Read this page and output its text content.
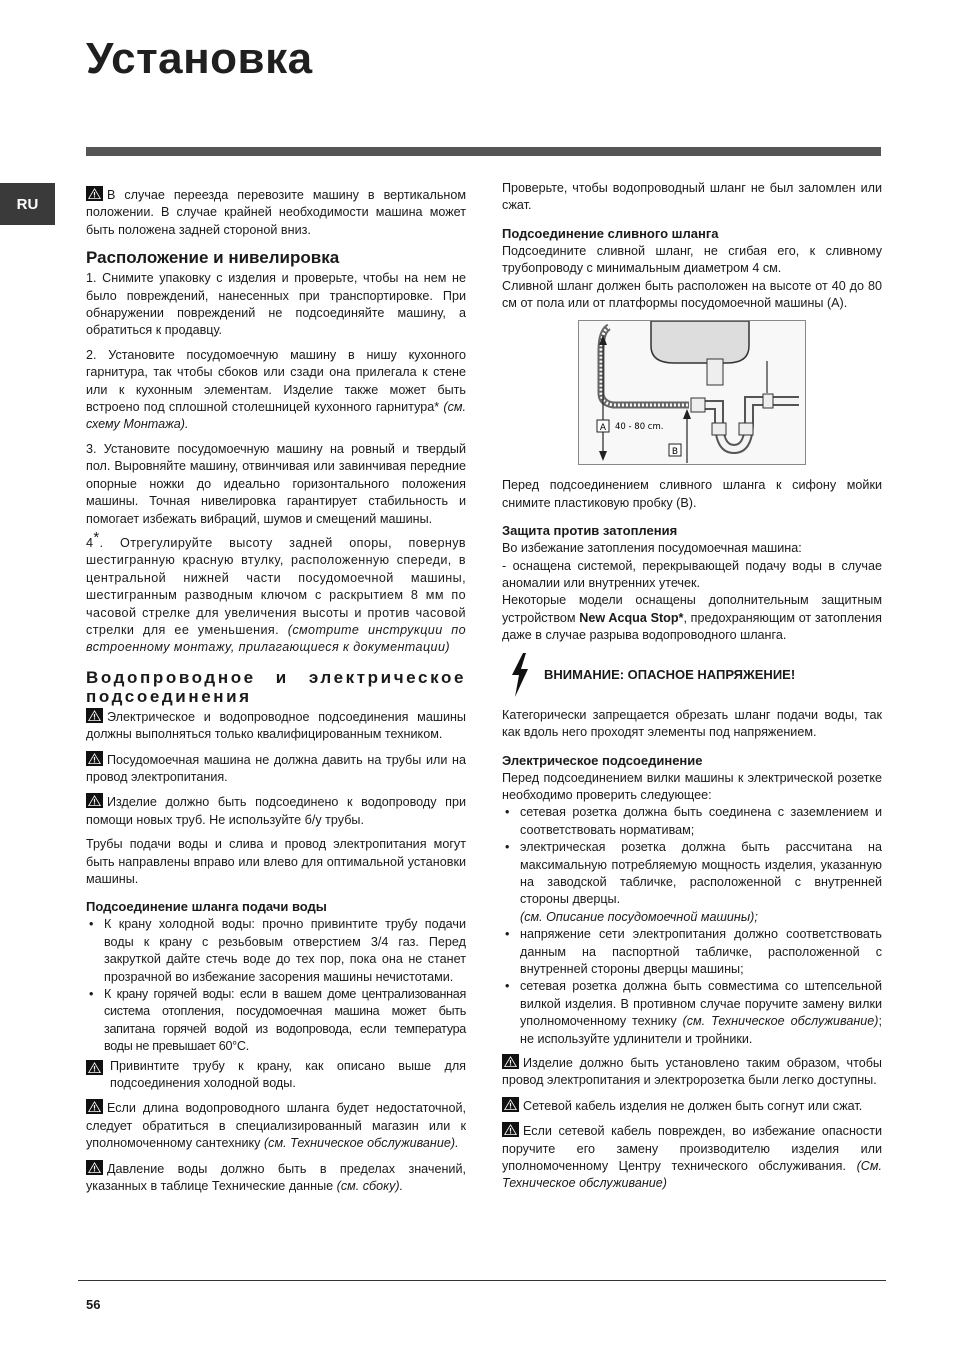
Установка
RU

В случае переезда перевозите машину в вертикальном положении. В случае крайней необходимости машина может быть положена задней стороной вниз.

Расположение и нивелировка

1. Снимите упаковку с изделия и проверьте, чтобы на нем не было повреждений, нанесенных при транспортировке. При обнаружении повреждений не подсоединяйте машину, а обратиться к продавцу.

2. Установите посудомоечную машину в нишу кухонного гарнитура, так чтобы сбоков или сзади она прилегала к стене или к кухонным элементам. Изделие также может быть встроено под сплошной столешницей кухонного гарнитура* (см. схему Монтажа).

3. Установите посудомоечную машину на ровный и твердый пол. Выровняйте машину, отвинчивая или завинчивая передние опорные ножки до идеально горизонтального положения машины. Точная нивелировка гарантирует стабильность и помогает избежать вибраций, шумов и смещений машины.

4*. Отрегулируйте высоту задней опоры, повернув шестигранную красную втулку, расположенную спереди, в центральной нижней части посудомоечной машины, шестигранным разводным ключом с раскрытием 8 мм по часовой стрелке для увеличения высоты и против часовой стрелки для ее уменьшения. (смотрите инструкции по встроенному монтажу, прилагающиеся к документации)

Водопроводное и электрическое подсоединения

Электрическое и водопроводное подсоединения машины должны выполняться только квалифицированным техником.

Посудомоечная машина не должна давить на трубы или на провод электропитания.

Изделие должно быть подсоединено к водопроводу при помощи новых труб. Не используйте б/у трубы.

Трубы подачи воды и слива и провод электропитания могут быть направлены вправо или влево для оптимальной установки машины.

Подсоединение шланга подачи воды
• К крану холодной воды: прочно привинтите трубу подачи воды к крану с резьбовым отверстием 3/4 газ. Перед закруткой дайте стечь воде до тех пор, пока она не станет прозрачной во избежание засорения машины нечистотами.
• К крану горячей воды: если в вашем доме централизованная система отопления, посудомоечная машина может быть запитана горячей водой из водопровода, если температура воды не превышает 60°C.

Привинтите трубу к крану, как описано выше для подсоединения холодной воды.

Если длина водопроводного шланга будет недостаточной, следует обратиться в специализированный магазин или к уполномоченному сантехнику (см. Техническое обслуживание).

Давление воды должно быть в пределах значений, указанных в таблице Технические данные (см. сбоку).

Проверьте, чтобы водопроводный шланг не был заломлен или сжат.

Подсоединение сливного шланга

Подсоедините сливной шланг, не сгибая его, к сливному трубопроводу с минимальным диаметром 4 см.

Сливной шланг должен быть расположен на высоте от 40 до 80 см от пола или от платформы посудомоечной машины (A).

A 40 - 80 cm.
B

Перед подсоединением сливного шланга к сифону мойки снимите пластиковую пробку (B).

Защита против затопления

Во избежание затопления посудомоечная машина:

- оснащена системой, перекрывающей подачу воды в случае аномалии или внутренних утечек.

Некоторые модели оснащены дополнительным защитным устройством New Acqua Stop*, предохраняющим от затопления даже в случае разрыва водопроводного шланга.

ВНИМАНИЕ: ОПАСНОЕ НАПРЯЖЕНИЕ!

Категорически запрещается обрезать шланг подачи воды, так как вдоль него проходят элементы под напряжением.

Электрическое подсоединение

Перед подсоединением вилки машины к электрической розетке необходимо проверить следующее:

• сетевая розетка должна быть соединена с заземлением и соответствовать нормативам;
• электрическая розетка должна быть рассчитана на максимальную потребляемую мощность изделия, указанную на заводской табличке, расположенной с внутренней стороны дверцы.
(см. Описание посудомоечной машины);
• напряжение сети электропитания должно соответствовать данным на паспортной табличке, расположенной с внутренней стороны дверцы машины;
• сетевая розетка должна быть совместима со штепсельной вилкой изделия. В противном случае поручите замену вилки уполномоченному технику (см. Техническое обслуживание); не используйте удлинители и тройники.

Изделие должно быть установлено таким образом, чтобы провод электропитания и электророзетка были легко доступны.

Сетевой кабель изделия не должен быть согнут или сжат.

Если сетевой кабель поврежден, во избежание опасности поручите его замену производителю изделия или уполномоченному Центру технического обслуживания. (См. Техническое обслуживание)

56
